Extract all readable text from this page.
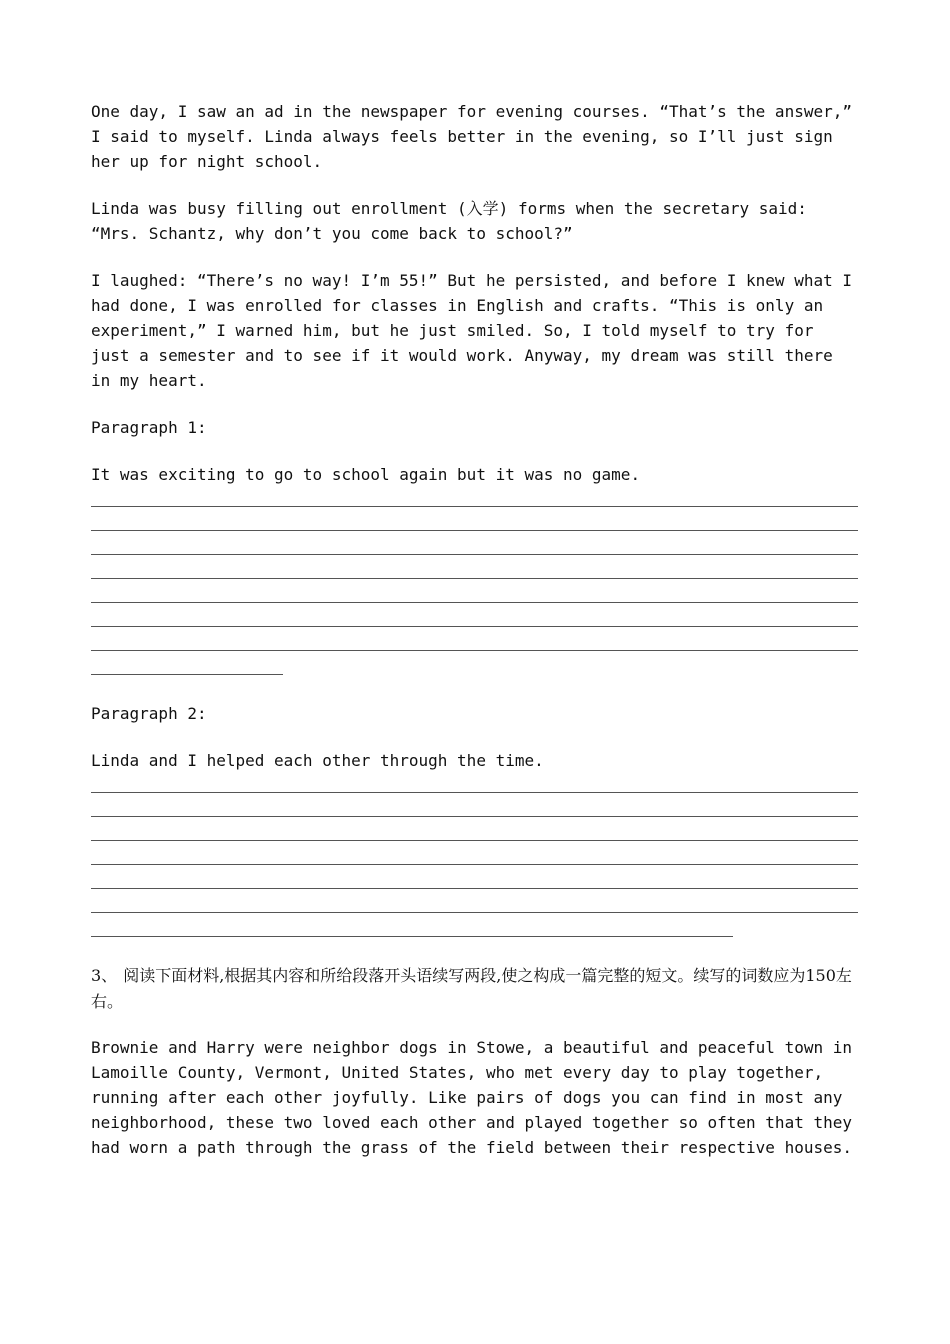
One day, I saw an ad in the newspaper for evening courses. “That’s the answer,” I said to myself. Linda always feels better in the evening, so I’ll just sign her up for night school.

Linda was busy filling out enrollment (入学) forms when the secretary said: “Mrs. Schantz, why don’t you come back to school?”

I laughed: “There’s no way! I’m 55!” But he persisted, and before I knew what I had done, I was enrolled for classes in English and crafts. “This is only an experiment,” I warned him, but he just smiled. So, I told myself to try for just a semester and to see if it would work. Anyway, my dream was still there in my heart.

Paragraph 1:

It was exciting to go to school again but it was no game.

Paragraph 2:

Linda and I helped each other through the time.

3、 阅读下面材料,根据其内容和所给段落开头语续写两段,使之构成一篇完整的短文。续写的词数应为150左右。

Brownie and Harry were neighbor dogs in Stowe, a beautiful and peaceful town in Lamoille County, Vermont, United States, who met every day to play together, running after each other joyfully. Like pairs of dogs you can find in most any neighborhood, these two loved each other and played together so often that they had worn a path through the grass of the field between their respective houses.
